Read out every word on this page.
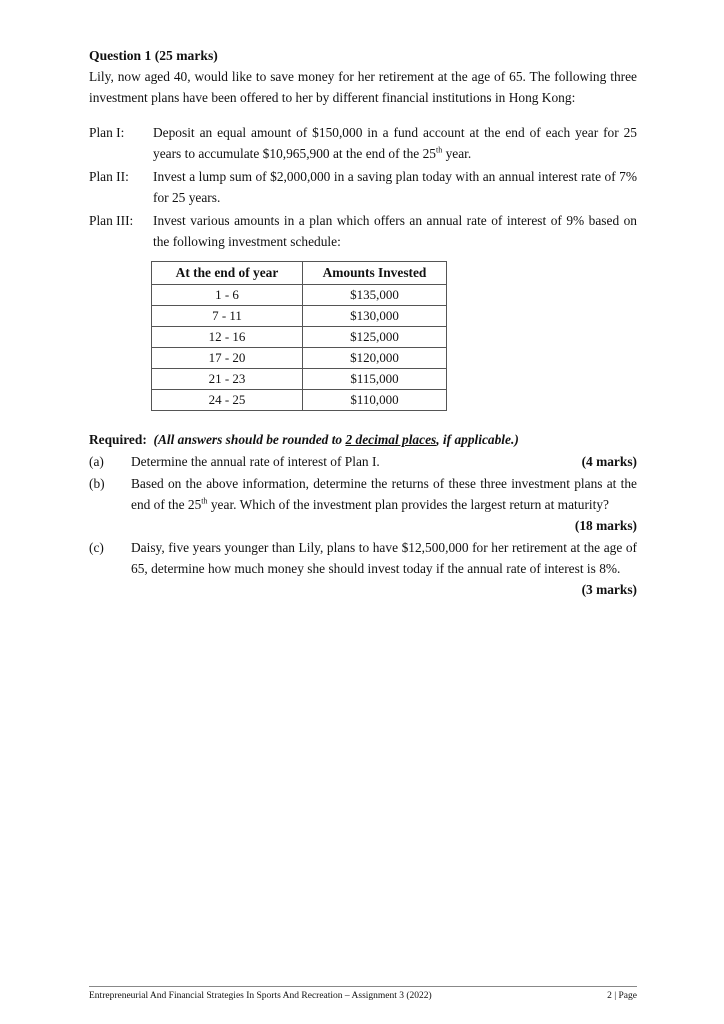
Question 1 (25 marks)

Lily, now aged 40, would like to save money for her retirement at the age of 65. The following three investment plans have been offered to her by different financial institutions in Hong Kong:

Plan I:	Deposit an equal amount of $150,000 in a fund account at the end of each year for 25 years to accumulate $10,965,900 at the end of the 25th year.
Plan II:	Invest a lump sum of $2,000,000 in a saving plan today with an annual interest rate of 7% for 25 years.
Plan III:	Invest various amounts in a plan which offers an annual rate of interest of 9% based on the following investment schedule:
At the end of year	Amounts Invested
1 - 6	$135,000
7 - 11	$130,000
12 - 16	$125,000
17 - 20	$120,000
21 - 23	$115,000
24 - 25	$110,000
Required: (All answers should be rounded to 2 decimal places, if applicable.)
(a)	Determine the annual rate of interest of Plan I.	(4 marks)
(b)	Based on the above information, determine the returns of these three investment plans at the end of the 25th year. Which of the investment plan provides the largest return at maturity?
(18 marks)
(c)	Daisy, five years younger than Lily, plans to have $12,500,000 for her retirement at the age of 65, determine how much money she should invest today if the annual rate of interest is 8%.
(3 marks)
Entrepreneurial And Financial Strategies In Sports And Recreation – Assignment 3 (2022)	2 | Page
